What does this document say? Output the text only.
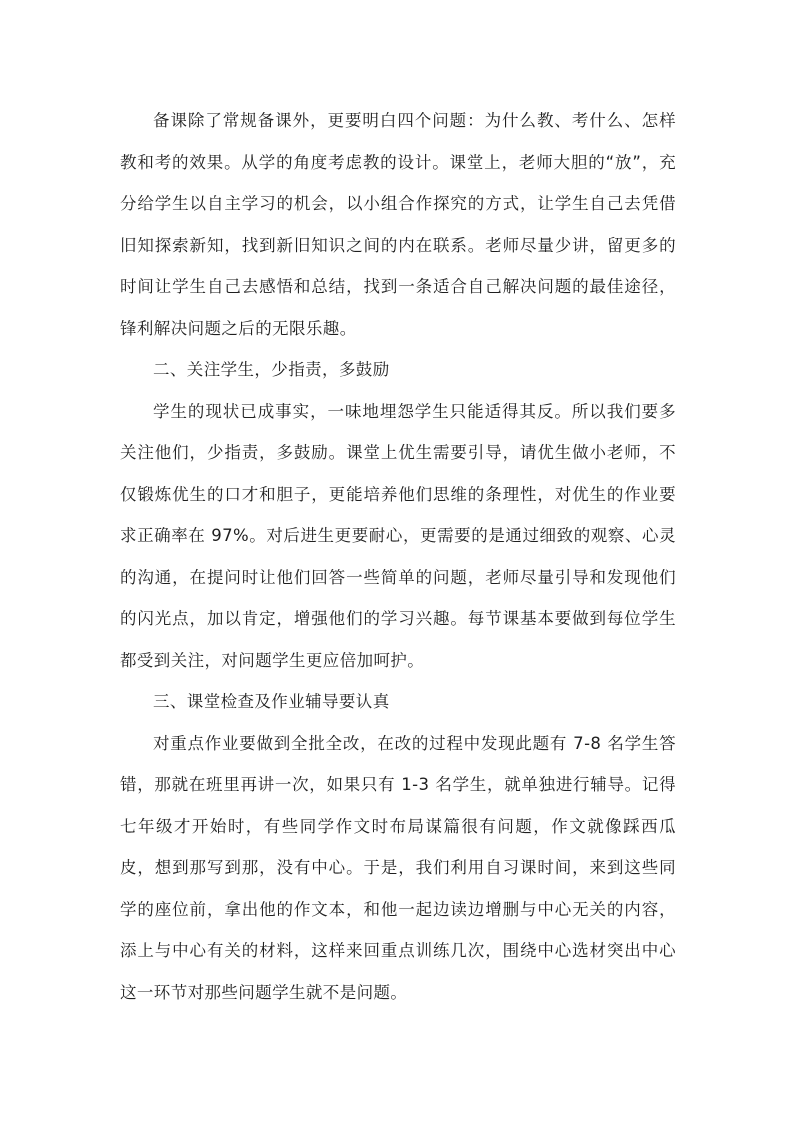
备课除了常规备课外，更要明白四个问题：为什么教、考什么、怎样教和考的效果。从学的角度考虑教的设计。课堂上，老师大胆的“放”，充分给学生以自主学习的机会，以小组合作探究的方式，让学生自己去凭借旧知探索新知，找到新旧知识之间的内在联系。老师尽量少讲，留更多的时间让学生自己去感悟和总结，找到一条适合自己解决问题的最佳途径，锋利解决问题之后的无限乐趣。

二、关注学生，少指责，多鼓励

学生的现状已成事实，一味地埋怨学生只能适得其反。所以我们要多关注他们，少指责，多鼓励。课堂上优生需要引导，请优生做小老师，不仅锻炼优生的口才和胆子，更能培养他们思维的条理性，对优生的作业要求正确率在 97%。对后进生更要耐心，更需要的是通过细致的观察、心灵的沟通，在提问时让他们回答一些简单的问题，老师尽量引导和发现他们的闪光点，加以肯定，增强他们的学习兴趣。每节课基本要做到每位学生都受到关注，对问题学生更应倍加呵护。

三、课堂检查及作业辅导要认真

对重点作业要做到全批全改，在改的过程中发现此题有 7-8 名学生答错，那就在班里再讲一次，如果只有 1-3 名学生，就单独进行辅导。记得七年级才开始时，有些同学作文时布局谋篇很有问题，作文就像踩西瓜皮，想到那写到那，没有中心。于是，我们利用自习课时间，来到这些同学的座位前，拿出他的作文本，和他一起边读边增删与中心无关的内容，添上与中心有关的材料，这样来回重点训练几次，围绕中心选材突出中心这一环节对那些问题学生就不是问题。
